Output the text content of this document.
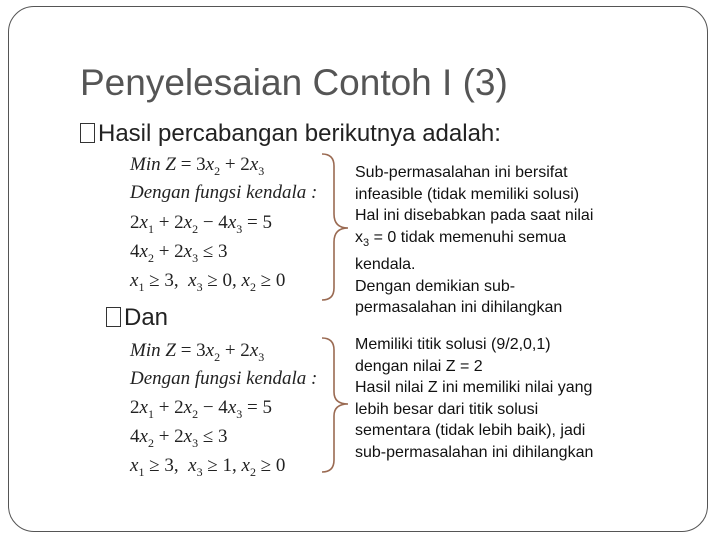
Penyelesaian Contoh I (3)
Hasil percabangan berikutnya adalah:
Min $Z = 3x_2 + 2x_3$
Dengan fungsi kendala :
$2x_1 + 2x_2 - 4x_3 = 5$
$4x_2 + 2x_3 \le 3$
$x_1 \ge 3$,  $x_3 \ge 0$, $x_2 \ge 0$
Dan
Min $Z = 3x_2 + 2x_3$
Dengan fungsi kendala :
$2x_1 + 2x_2 - 4x_3 = 5$
$4x_2 + 2x_3 \le 3$
$x_1 \ge 3$,  $x_3 \ge 1$, $x_2 \ge 0$
Sub-permasalahan ini bersifat
infeasible (tidak memiliki solusi)
Hal ini disebabkan pada saat nilai
$x_3 = 0$ tidak memenuhi semua
kendala.
Dengan demikian sub-
permasalahan ini dihilangkan
Memiliki titik solusi (9/2,0,1)
dengan nilai Z = 2
Hasil nilai Z ini memiliki nilai yang
lebih besar dari titik solusi
sementara (tidak lebih baik), jadi
sub-permasalahan ini dihilangkan
